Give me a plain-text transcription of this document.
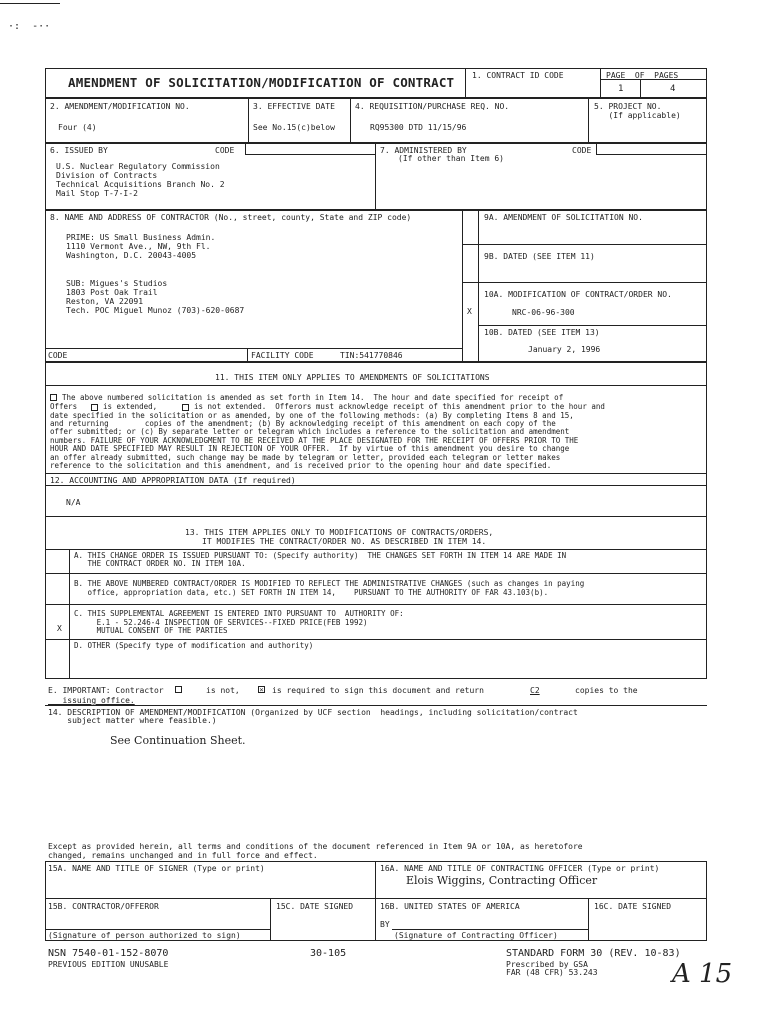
·:  -··
AMENDMENT OF SOLICITATION/MODIFICATION OF CONTRACT 1. CONTRACT ID CODE	PAGE  OF  PAGES
1	4
2. AMENDMENT/MODIFICATION NO.
Four (4)
3. EFFECTIVE DATE
See No.15(c)below
4. REQUISITION/PURCHASE REQ. NO.
RQ95300 DTD 11/15/96
5. PROJECT NO.
(If applicable)
6. ISSUED BY	CODE
U.S. Nuclear Regulatory Commission
Division of Contracts
Technical Acquisitions Branch No. 2
Mail Stop T-7-I-2
7. ADMINISTERED BY
(If other than Item 6)
CODE
8. NAME AND ADDRESS OF CONTRACTOR (No., street, county, State and ZIP code)
PRIME: US Small Business Admin.
1110 Vermont Ave., NW, 9th Fl.
Washington, D.C. 20043-4005
SUB: Migues's Studios
1803 Post Oak Trail
Reston, VA 22091
Tech. POC Miguel Munoz (703)-620-0687
CODE	FACILITY CODE	TIN:541770846
9A. AMENDMENT OF SOLICITATION NO.
9B. DATED (SEE ITEM 11)
10A. MODIFICATION OF CONTRACT/ORDER NO.
X	NRC-06-96-300
10B. DATED (SEE ITEM 13)
January 2, 1996
11. THIS ITEM ONLY APPLIES TO AMENDMENTS OF SOLICITATIONS
The above numbered solicitation is amended as set forth in Item 14.  The hour and date specified for receipt of
Offers	is extended,	is not extended.  Offerors must acknowledge receipt of this amendment prior to the hour and
date specified in the solicitation or as amended, by one of the following methods: (a) By completing Items 8 and 15,
and returning        copies of the amendment; (b) By acknowledging receipt of this amendment on each copy of the
offer submitted; or (c) By separate letter or telegram which includes a reference to the solicitation and amendment
numbers. FAILURE OF YOUR ACKNOWLEDGMENT TO BE RECEIVED AT THE PLACE DESIGNATED FOR THE RECEIPT OF OFFERS PRIOR TO THE
HOUR AND DATE SPECIFIED MAY RESULT IN REJECTION OF YOUR OFFER.  If by virtue of this amendment you desire to change
an offer already submitted, such change may be made by telegram or letter, provided each telegram or letter makes
reference to the solicitation and this amendment, and is received prior to the opening hour and date specified.
12. ACCOUNTING AND APPROPRIATION DATA (If required)
N/A
13. THIS ITEM APPLIES ONLY TO MODIFICATIONS OF CONTRACTS/ORDERS,
IT MODIFIES THE CONTRACT/ORDER NO. AS DESCRIBED IN ITEM 14.
A. THIS CHANGE ORDER IS ISSUED PURSUANT TO: (Specify authority)  THE CHANGES SET FORTH IN ITEM 14 ARE MADE IN
THE CONTRACT ORDER NO. IN ITEM 10A.
B. THE ABOVE NUMBERED CONTRACT/ORDER IS MODIFIED TO REFLECT THE ADMINISTRATIVE CHANGES (such as changes in paying
office, appropriation data, etc.) SET FORTH IN ITEM 14,    PURSUANT TO THE AUTHORITY OF FAR 43.103(b).
C. THIS SUPPLEMENTAL AGREEMENT IS ENTERED INTO PURSUANT TO  AUTHORITY OF:
E.1 - 52.246-4 INSPECTION OF SERVICES--FIXED PRICE(FEB 1992)
MUTUAL CONSENT OF THE PARTIES
X
D. OTHER (Specify type of modification and authority)
E. IMPORTANT: Contractor	is not,	× is required to sign this document and return	C2	copies to the
issuing office.
14. DESCRIPTION OF AMENDMENT/MODIFICATION (Organized by UCF section  headings, including solicitation/contract
subject matter where feasible.)
See Continuation Sheet.
Except as provided herein, all terms and conditions of the document referenced in Item 9A or 10A, as heretofore
changed, remains unchanged and in full force and effect.
15A. NAME AND TITLE OF SIGNER (Type or print)	16A. NAME AND TITLE OF CONTRACTING OFFICER (Type or print)
Elois Wiggins, Contracting Officer
15B. CONTRACTOR/OFFEROR	15C. DATE SIGNED
(Signature of person authorized to sign)
16B. UNITED STATES OF AMERICA
BY
(Signature of Contracting Officer)
16C. DATE SIGNED
NSN 7540-01-152-8070
PREVIOUS EDITION UNUSABLE
30-105	STANDARD FORM 30 (REV. 10-83)
Prescribed by GSA
FAR (48 CFR) 53.243	A 15
